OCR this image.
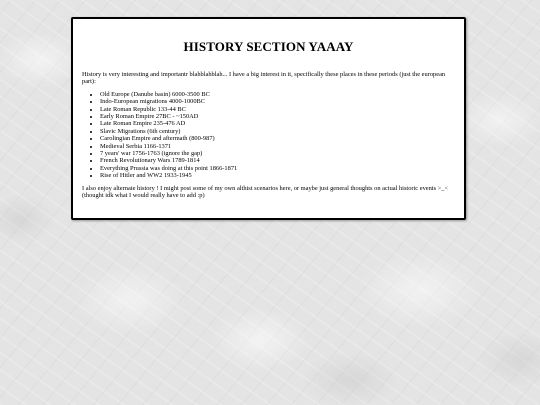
HISTORY SECTION YAAAY

History is very interesting and importantr blahblahblah... I have a big interest in it, specifically these places in these periods (just the european part):

• Old Europe (Danube basin) 6000-3500 BC
• Indo-European migrations 4000-1000BC
• Late Roman Republic 133-44 BC
• Early Roman Empire 27BC - ~150AD
• Late Roman Empire 235-476 AD
• Slavic Migrations (6th century)
• Carolingian Empire and aftermath (800-987)
• Medieval Serbia 1166-1371
• 7 years' war 1756-1763 (ignore the gap)
• French Revolutionary Wars 1789-1814
• Everything Prussia was doing at this point 1866-1871
• Rise of Hitler and WW2 1933-1945

I also enjoy alternate history ! I might post some of my own althist scenarios here, or maybe just general thoughts on actual historic events >_< (thought idk what I would really have to add :p)
